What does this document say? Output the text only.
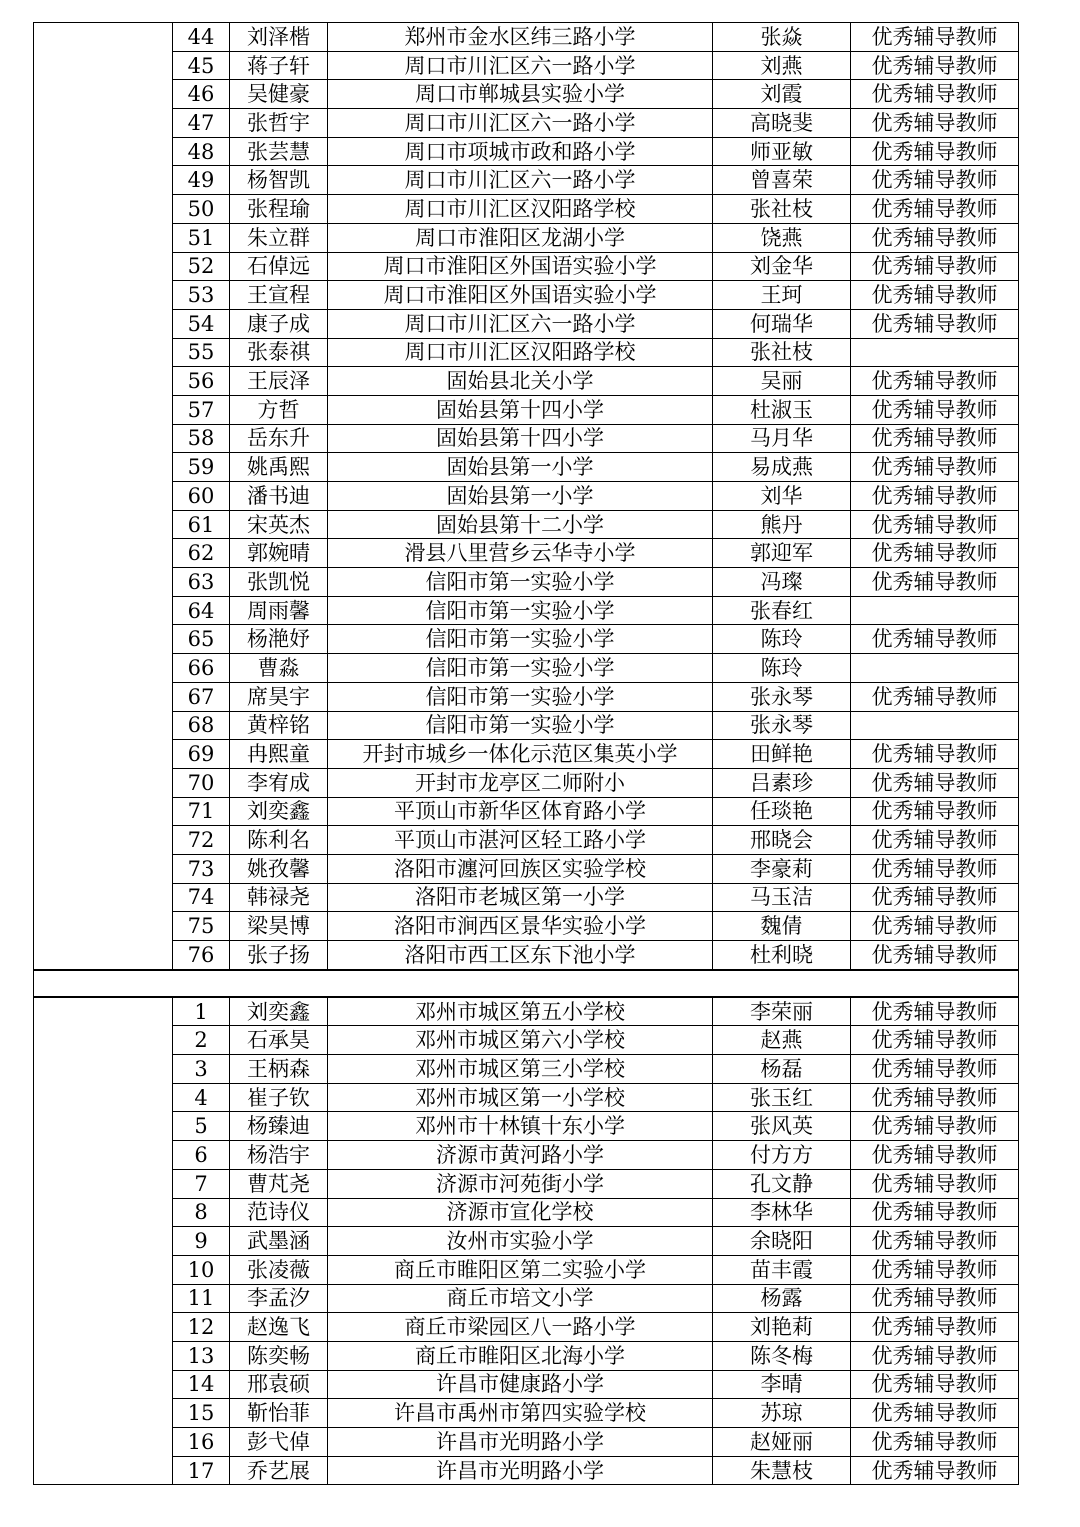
	44	刘泽楷	郑州市金水区纬三路小学	张焱	优秀辅导教师
	45	蒋子轩	周口市川汇区六一路小学	刘燕	优秀辅导教师
	46	吴健豪	周口市郸城县实验小学	刘霞	优秀辅导教师
	47	张哲宇	周口市川汇区六一路小学	高晓斐	优秀辅导教师
	48	张芸慧	周口市项城市政和路小学	师亚敏	优秀辅导教师
	49	杨智凯	周口市川汇区六一路小学	曾喜荣	优秀辅导教师
	50	张程瑜	周口市川汇区汉阳路学校	张社枝	优秀辅导教师
	51	朱立群	周口市淮阳区龙湖小学	饶燕	优秀辅导教师
	52	石倬远	周口市淮阳区外国语实验小学	刘金华	优秀辅导教师
	53	王宣程	周口市淮阳区外国语实验小学	王珂	优秀辅导教师
	54	康子成	周口市川汇区六一路小学	何瑞华	优秀辅导教师
	55	张泰祺	周口市川汇区汉阳路学校	张社枝	
	56	王辰泽	固始县北关小学	吴丽	优秀辅导教师
	57	方哲	固始县第十四小学	杜淑玉	优秀辅导教师
	58	岳东升	固始县第十四小学	马月华	优秀辅导教师
	59	姚禹熙	固始县第一小学	易成燕	优秀辅导教师
	60	潘书迪	固始县第一小学	刘华	优秀辅导教师
	61	宋英杰	固始县第十二小学	熊丹	优秀辅导教师
	62	郭婉晴	滑县八里营乡云华寺小学	郭迎军	优秀辅导教师
	63	张凯悦	信阳市第一实验小学	冯璨	优秀辅导教师
	64	周雨馨	信阳市第一实验小学	张春红	
	65	杨滟妤	信阳市第一实验小学	陈玲	优秀辅导教师
	66	曹淼	信阳市第一实验小学	陈玲	
	67	席昊宇	信阳市第一实验小学	张永琴	优秀辅导教师
	68	黄梓铭	信阳市第一实验小学	张永琴	
	69	冉熙童	开封市城乡一体化示范区集英小学	田鲜艳	优秀辅导教师
	70	李宥成	开封市龙亭区二师附小	吕素珍	优秀辅导教师
	71	刘奕鑫	平顶山市新华区体育路小学	任琰艳	优秀辅导教师
	72	陈利名	平顶山市湛河区轻工路小学	邢晓会	优秀辅导教师
	73	姚孜馨	洛阳市瀍河回族区实验学校	李豪莉	优秀辅导教师
	74	韩禄尧	洛阳市老城区第一小学	马玉洁	优秀辅导教师
	75	梁昊博	洛阳市涧西区景华实验小学	魏倩	优秀辅导教师
	76	张子扬	洛阳市西工区东下池小学	杜利晓	优秀辅导教师
	1	刘奕鑫	邓州市城区第五小学校	李荣丽	优秀辅导教师
	2	石承昊	邓州市城区第六小学校	赵燕	优秀辅导教师
	3	王柄森	邓州市城区第三小学校	杨磊	优秀辅导教师
	4	崔子钦	邓州市城区第一小学校	张玉红	优秀辅导教师
	5	杨臻迪	邓州市十林镇十东小学	张风英	优秀辅导教师
	6	杨浩宇	济源市黄河路小学	付方方	优秀辅导教师
	7	曹芃尧	济源市河苑街小学	孔文静	优秀辅导教师
	8	范诗仪	济源市宣化学校	李林华	优秀辅导教师
	9	武墨涵	汝州市实验小学	余晓阳	优秀辅导教师
	10	张凌薇	商丘市睢阳区第二实验小学	苗丰霞	优秀辅导教师
	11	李孟汐	商丘市培文小学	杨露	优秀辅导教师
	12	赵逸飞	商丘市梁园区八一路小学	刘艳莉	优秀辅导教师
	13	陈奕畅	商丘市睢阳区北海小学	陈冬梅	优秀辅导教师
	14	邢袁硕	许昌市健康路小学	李晴	优秀辅导教师
	15	靳怡菲	许昌市禹州市第四实验学校	苏琼	优秀辅导教师
	16	彭弋倬	许昌市光明路小学	赵娅丽	优秀辅导教师
	17	乔艺展	许昌市光明路小学	朱慧枝	优秀辅导教师
